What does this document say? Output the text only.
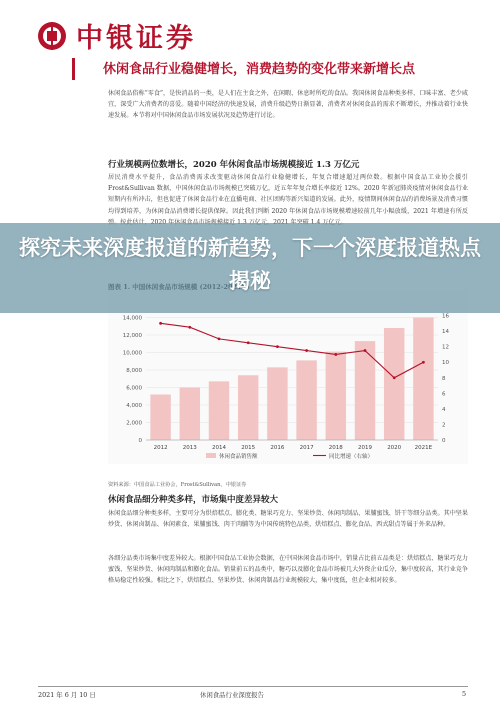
中银证券
休闲食品行业稳健增长，消费趋势的变化带来新增长点
休闲食品俗称“零食”，是快消品的一类，是人们在主食之外，在闲暇、休息时所吃的食品。我国休闲食品种类多样、口味丰富、老少咸宜，深受广大消费者的喜爱。随着中国经济的快速发展，消费升级趋势日渐显著，消费者对休闲食品的需求不断增长，并推动着行业快速发展。本节将对中国休闲食品市场发展状况及趋势进行讨论。
行业规模两位数增长，2020 年休闲食品市场规模接近 1.3 万亿元
居民消费水平提升，食品消费需求改变驱动休闲食品行业稳健增长，年复合增速超过两位数。根据中国食品工业协会援引 Frost&Sullivan 数据，中国休闲食品市场规模已突破万亿，近五年年复合增长率接近 12%。2020 年新冠肺炎疫情对休闲食品行业短期内有所冲击，但也促进了休闲食品行业在直播电商、社区团购等新兴渠道的发展。此外，疫情期间休闲食品的消费场景及消费习惯均得到培养，为休闲食品消费增长提供保障。因此我们判断 2020 年休闲食品市场规模增速较前几年小幅放缓，2021 年增速有所反
0
2,000
4,000
6,000
8,000
10,000
12,000
14,000
0
2
4
6
8
10
12
14
16
2012	2013	2014	2015	2016	2017	2018	2019	2020 2021E
休闲食品销售额	同比增速（右轴）
资料来源：中国食品工业协会，Frost&Sullivan，中银证券
休闲食品细分种类多样，市场集中度差异较大
休闲食品细分种类多样，主要可分为烘焙糕点、膨化类、糖果巧克力、坚果炒货、休闲肉制品、果脯蜜饯、饼干等细分品类。其中坚果炒货、休闲卤制品、休闲素食、果脯蜜饯、肉干肉脯等为中国传统特色品类，烘焙糕点、膨化食品、西式甜点等属于外来品种。
各细分品类市场集中度差异较大。根据中国食品工业协会数据，在中国休闲食品市场中，销量占比前五品类是：烘焙糕点、糖果巧克力蜜饯、坚果炒货、休闲肉制品和膨化食品。销量前五的品类中，糖巧以及膨化食品市场被几大外资企业瓜分，集中度较高，其行业竞争格局稳定性较强。相比之下，烘焙糕点、坚果炒货、休闲肉制品行业规模较大，集中度低，但企业相对较多。
探究未来深度报道的新趋势，下一个深度报道热点揭秘
2021 年 6 月 10 日	休闲食品行业深度报告	5
